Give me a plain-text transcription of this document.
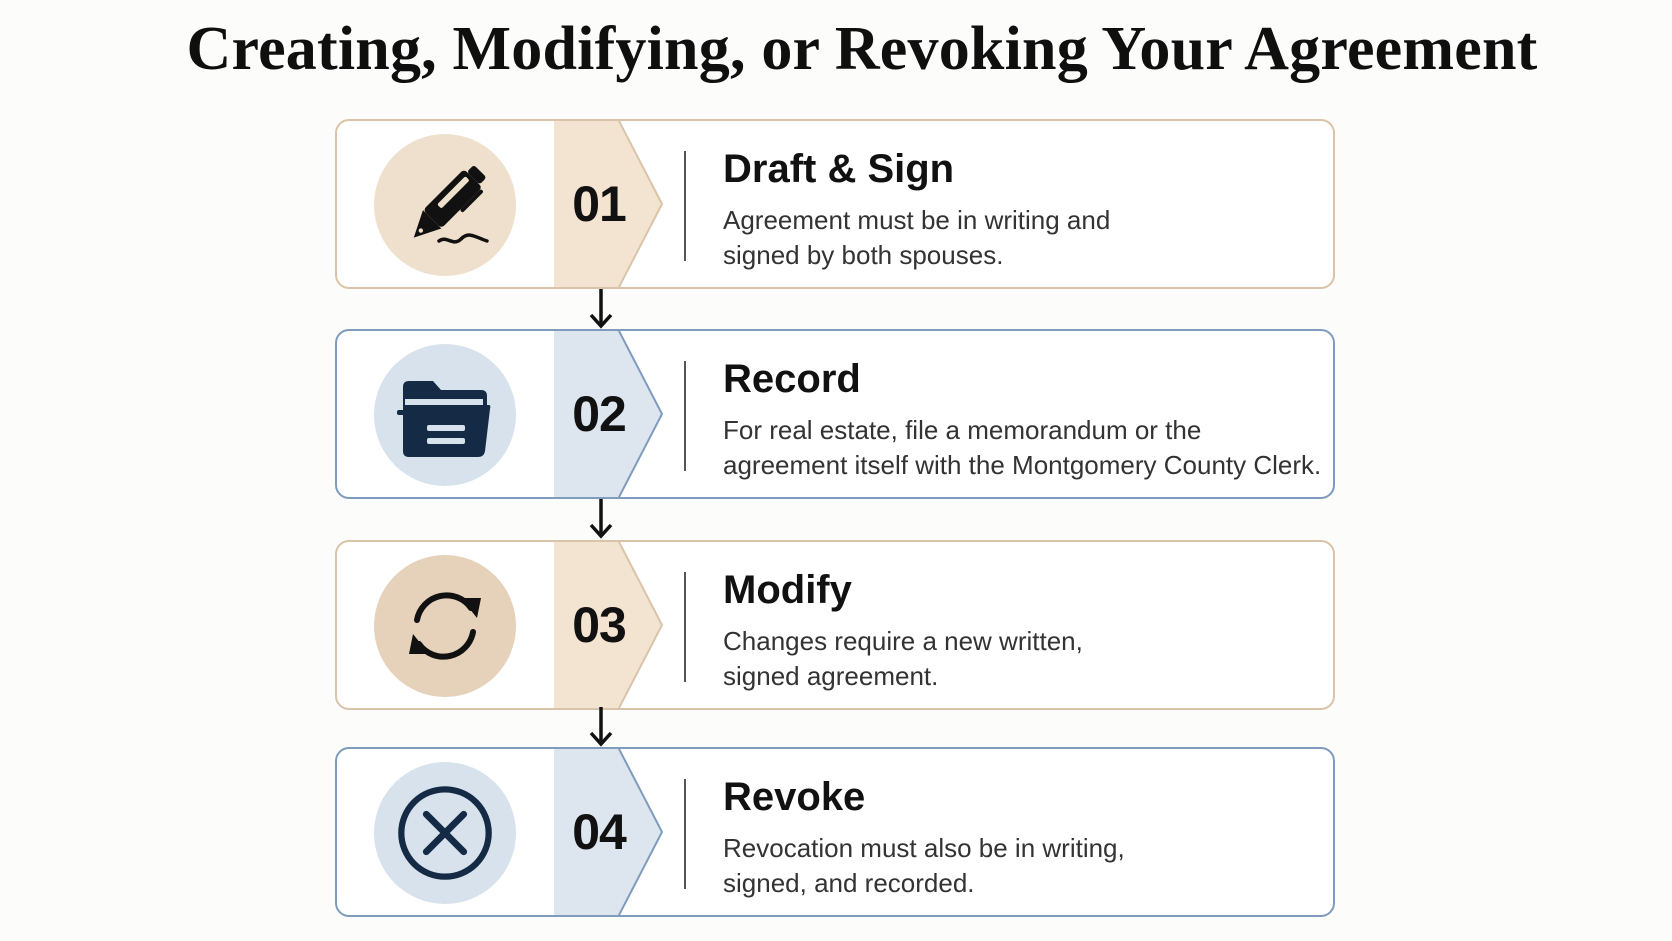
Creating, Modifying, or Revoking Your Agreement
01
Draft & Sign
Agreement must be in writing and
signed by both spouses.
02
Record
For real estate, file a memorandum or the
agreement itself with the Montgomery County Clerk.
03
Modify
Changes require a new written,
signed agreement.
04
Revoke
Revocation must also be in writing,
signed, and recorded.
